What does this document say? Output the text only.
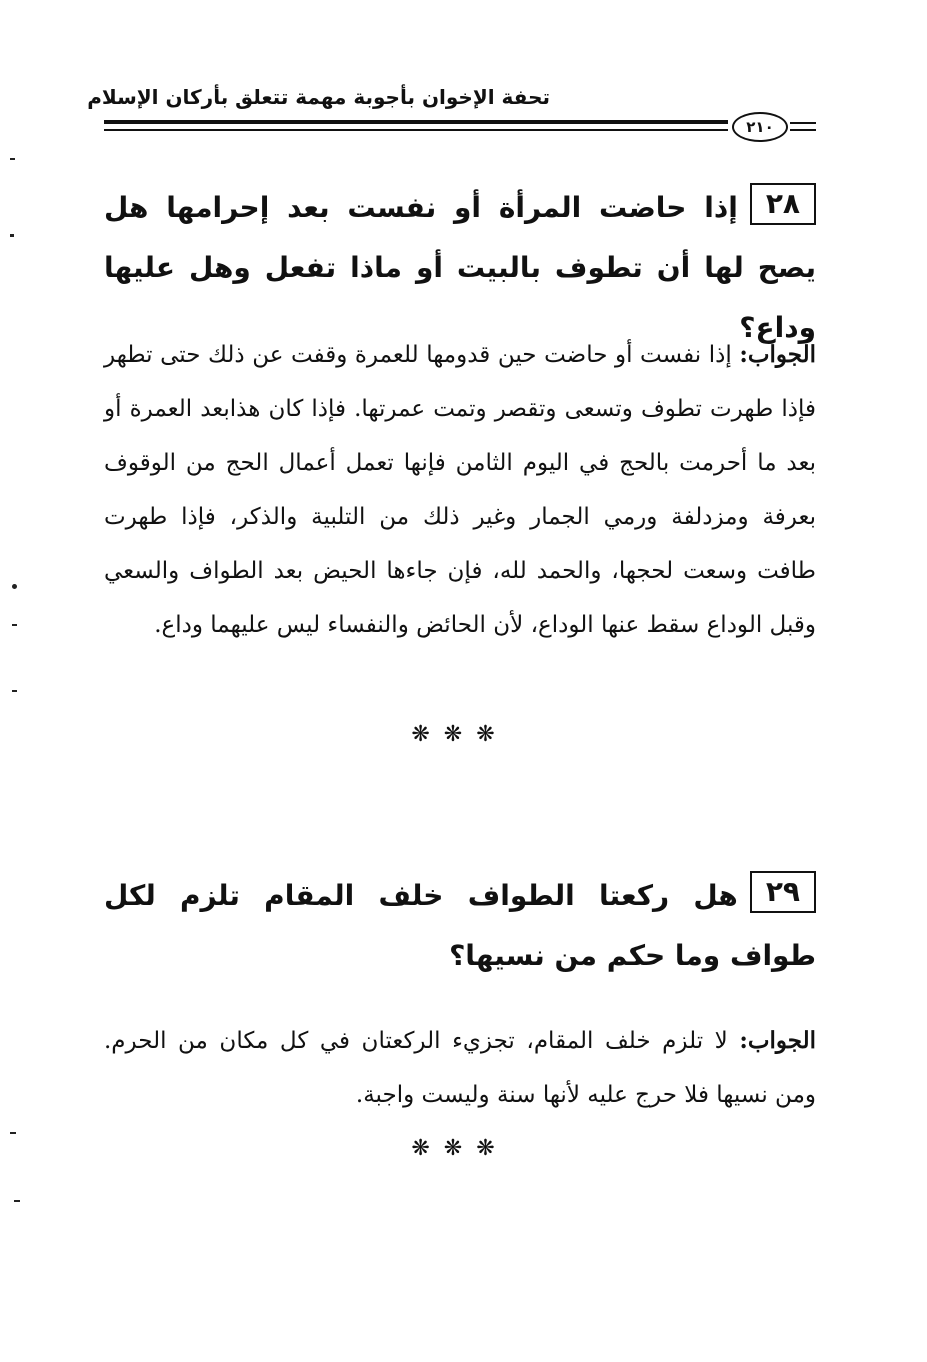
تحفة الإخوان بأجوبة مهمة تتعلق بأركان الإسلام
٢١٠
٢٨إذا حاضت المرأة أو نفست بعد إحرامها هل يصح لها أن تطوف بالبيت أو ماذا تفعل وهل عليها وداع؟
الجواب: إذا نفست أو حاضت حين قدومها للعمرة وقفت عن ذلك حتى تطهر فإذا طهرت تطوف وتسعى وتقصر وتمت عمرتها. فإذا كان هذابعد العمرة أو بعد ما أحرمت بالحج في اليوم الثامن فإنها تعمل أعمال الحج من الوقوف بعرفة ومزدلفة ورمي الجمار وغير ذلك من التلبية والذكر، فإذا طهرت طافت وسعت لحجها، والحمد لله، فإن جاءها الحيض بعد الطواف والسعي وقبل الوداع سقط عنها الوداع، لأن الحائض والنفساء ليس عليهما وداع.
❋❋❋
٢٩هل ركعتا الطواف خلف المقام تلزم لكل طواف وما حكم من نسيها؟
الجواب: لا تلزم خلف المقام، تجزيء الركعتان في كل مكان من الحرم. ومن نسيها فلا حرج عليه لأنها سنة وليست واجبة.
❋❋❋
